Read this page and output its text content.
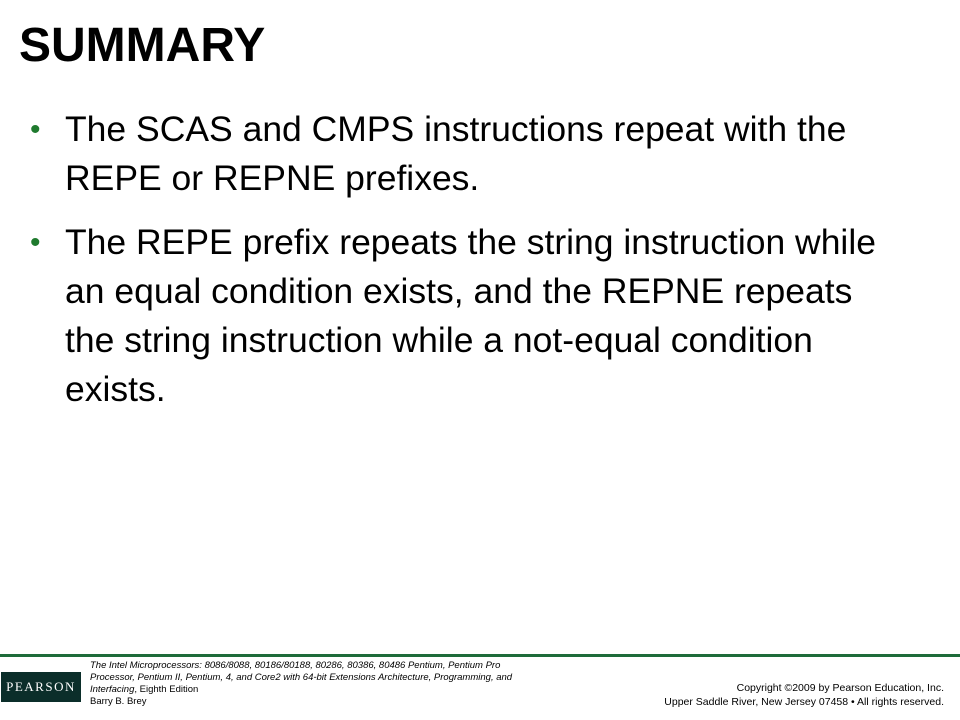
SUMMARY
• The SCAS and CMPS instructions repeat with the REPE or REPNE prefixes.
• The REPE prefix repeats the string instruction while an equal condition exists, and the REPNE repeats the string instruction while a not-equal condition exists.
PEARSON
The Intel Microprocessors: 8086/8088, 80186/80188, 80286, 80386, 80486 Pentium, Pentium Pro Processor, Pentium II, Pentium, 4, and Core2 with 64-bit Extensions Architecture, Programming, and Interfacing, Eighth Edition
Barry B. Brey
Copyright ©2009 by Pearson Education, Inc.
Upper Saddle River, New Jersey 07458 • All rights reserved.
